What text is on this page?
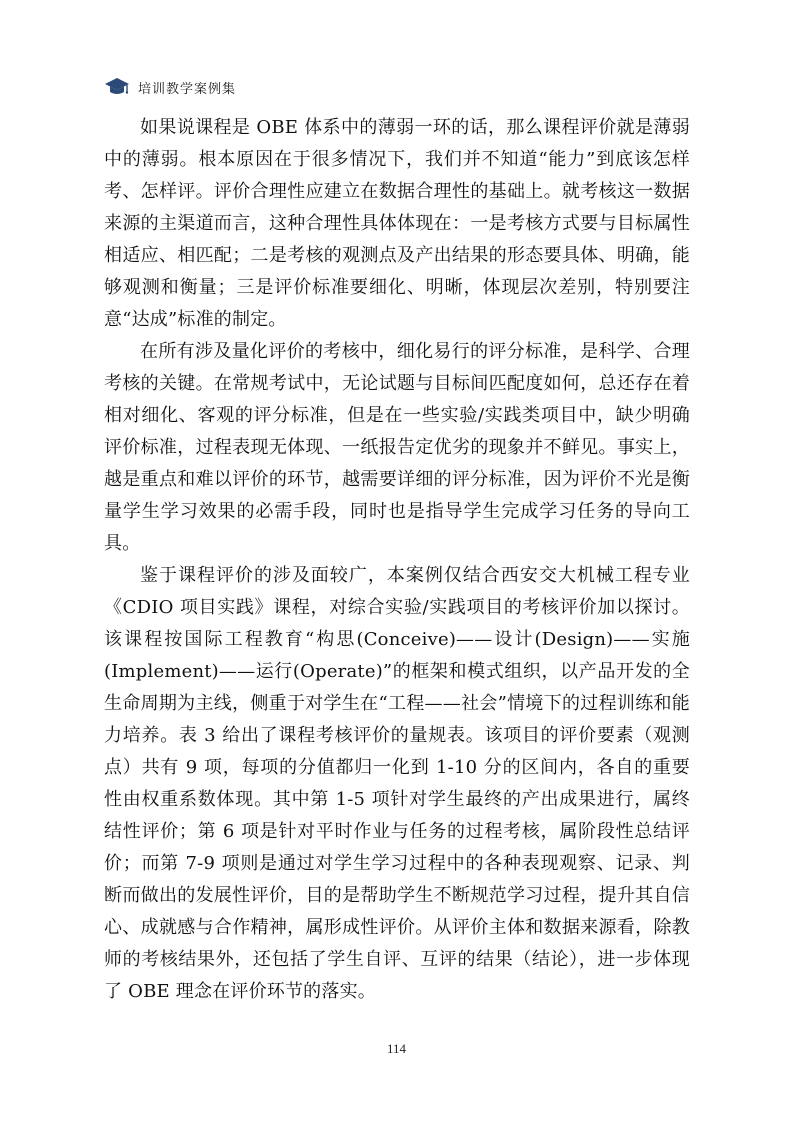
培训教学案例集

如果说课程是 OBE 体系中的薄弱一环的话，那么课程评价就是薄弱中的薄弱。根本原因在于很多情况下，我们并不知道“能力”到底该怎样考、怎样评。评价合理性应建立在数据合理性的基础上。就考核这一数据来源的主渠道而言，这种合理性具体体现在：一是考核方式要与目标属性相适应、相匹配；二是考核的观测点及产出结果的形态要具体、明确，能够观测和衡量；三是评价标准要细化、明晰，体现层次差别，特别要注意“达成”标准的制定。

在所有涉及量化评价的考核中，细化易行的评分标准，是科学、合理考核的关键。在常规考试中，无论试题与目标间匹配度如何，总还存在着相对细化、客观的评分标准，但是在一些实验/实践类项目中，缺少明确评价标准，过程表现无体现、一纸报告定优劣的现象并不鲜见。事实上，越是重点和难以评价的环节，越需要详细的评分标准，因为评价不光是衡量学生学习效果的必需手段，同时也是指导学生完成学习任务的导向工具。

鉴于课程评价的涉及面较广，本案例仅结合西安交大机械工程专业《CDIO 项目实践》课程，对综合实验/实践项目的考核评价加以探讨。该课程按国际工程教育“构思(Conceive)——设计(Design)——实施(Implement)——运行(Operate)”的框架和模式组织，以产品开发的全生命周期为主线，侧重于对学生在“工程——社会”情境下的过程训练和能力培养。表 3 给出了课程考核评价的量规表。该项目的评价要素（观测点）共有 9 项，每项的分值都归一化到 1-10 分的区间内，各自的重要性由权重系数体现。其中第 1-5 项针对学生最终的产出成果进行，属终结性评价；第 6 项是针对平时作业与任务的过程考核，属阶段性总结评价；而第 7-9 项则是通过对学生学习过程中的各种表现观察、记录、判断而做出的发展性评价，目的是帮助学生不断规范学习过程，提升其自信心、成就感与合作精神，属形成性评价。从评价主体和数据来源看，除教师的考核结果外，还包括了学生自评、互评的结果（结论），进一步体现了 OBE 理念在评价环节的落实。

114
